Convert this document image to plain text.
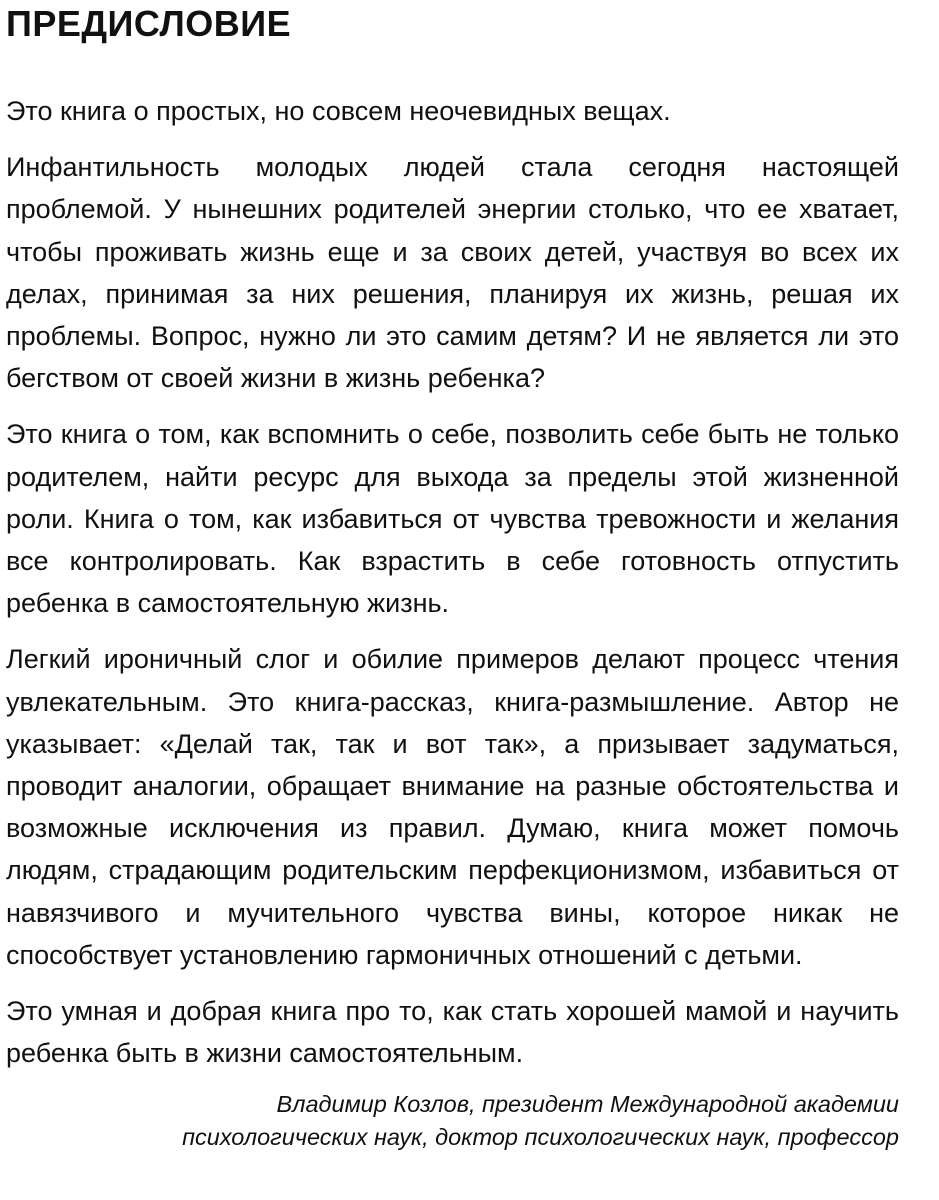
ПРЕДИСЛОВИЕ

Это книга о простых, но совсем неочевидных вещах.

Инфантильность молодых людей стала сегодня настоящей проблемой. У нынешних родителей энергии столько, что ее хватает, чтобы проживать жизнь еще и за своих детей, участвуя во всех их делах, принимая за них решения, планируя их жизнь, решая их проблемы. Вопрос, нужно ли это самим детям? И не является ли это бегством от своей жизни в жизнь ребенка?

Это книга о том, как вспомнить о себе, позволить себе быть не только родителем, найти ресурс для выхода за пределы этой жизненной роли. Книга о том, как избавиться от чувства тревожности и желания все контролировать. Как взрастить в себе готовность отпустить ребенка в самостоятельную жизнь.

Легкий ироничный слог и обилие примеров делают процесс чтения увлекательным. Это книга-рассказ, книга-размышление. Автор не указывает: «Делай так, так и вот так», а призывает задуматься, проводит аналогии, обращает внимание на разные обстоятельства и возможные исключения из правил. Думаю, книга может помочь людям, страдающим родительским перфекционизмом, избавиться от навязчивого и мучительного чувства вины, которое никак не способствует установлению гармоничных отношений с детьми.

Это умная и добрая книга про то, как стать хорошей мамой и научить ребенка быть в жизни самостоятельным.

Владимир Козлов, президент Международной академии
психологических наук, доктор психологических наук, профессор
